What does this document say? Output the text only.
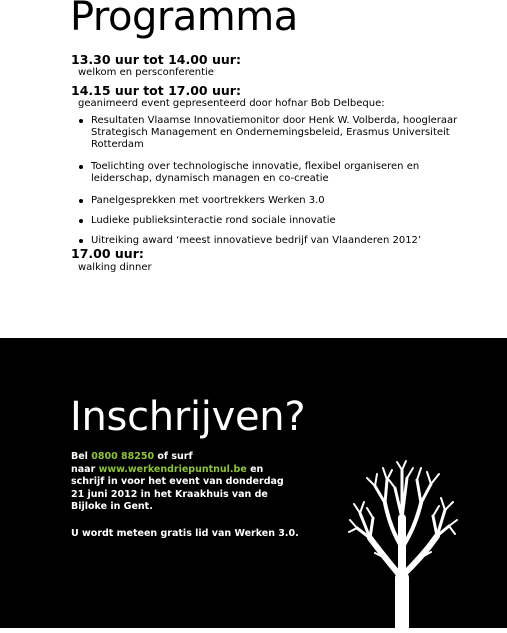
Programma
13.30 uur tot 14.00 uur:
welkom en persconferentie
14.15 uur tot 17.00 uur:
geanimeerd event gepresenteerd door hofnar Bob Delbeque:
Resultaten Vlaamse Innovatiemonitor door Henk W. Volberda, hoogleraar Strategisch Management en Ondernemingsbeleid, Erasmus Universiteit Rotterdam
Toelichting over technologische innovatie, flexibel organiseren en leiderschap, dynamisch managen en co-creatie
Panelgesprekken met voortrekkers Werken 3.0
Ludieke publieksinteractie rond sociale innovatie
Uitreiking award ‘meest innovatieve bedrijf van Vlaanderen 2012’
17.00 uur:
walking dinner
Inschrijven?
Bel 0800 88250 of surf
naar www.werkendriepuntnul.be en schrijf in voor het event van donderdag 21 juni 2012 in het Kraakhuis van de Bijloke in Gent.
U wordt meteen gratis lid van Werken 3.0.
